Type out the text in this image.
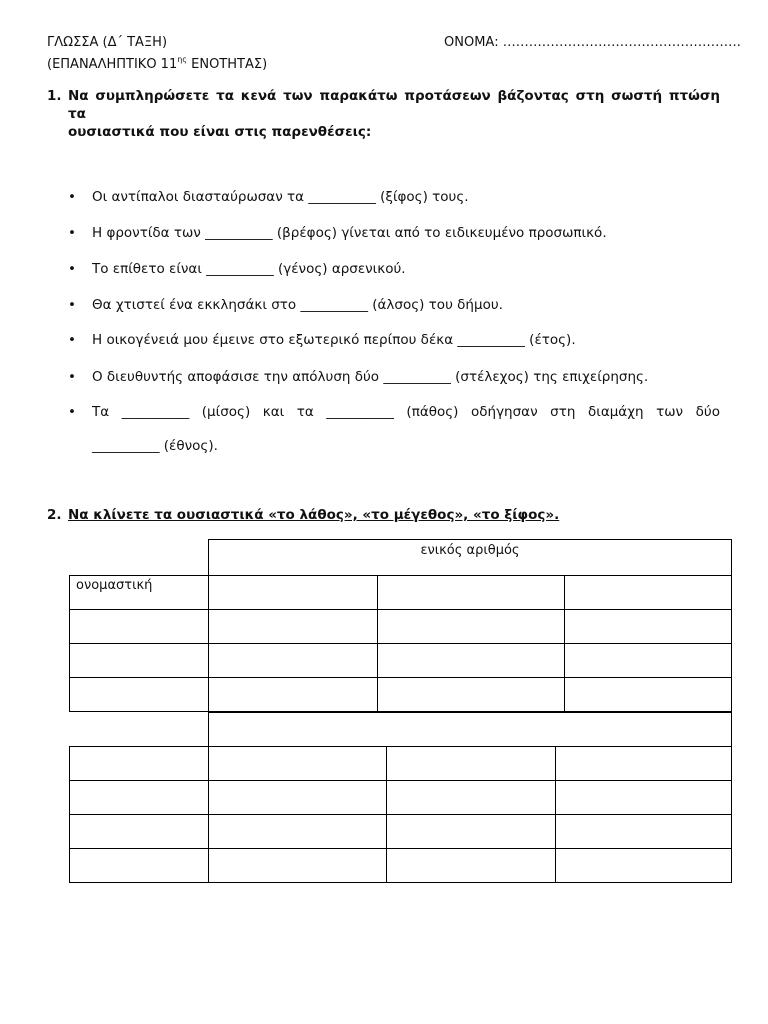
ΓΛΩΣΣΑ (Δ΄ ΤΑΞΗ)
(ΕΠΑΝΑΛΗΠΤΙΚΟ $11^{\eta\varsigma}$ ΕΝΟΤΗΤΑΣ)
ΟΝΟΜΑ: ……………………………………………….
1. Να συμπληρώσετε τα κενά των παρακάτω προτάσεων βάζοντας στη σωστή πτώση τα
ουσιαστικά που είναι στις παρενθέσεις:
• Οι αντίπαλοι διασταύρωσαν τα __________ (ξίφος) τους.
• Η φροντίδα των __________ (βρέφος) γίνεται από το ειδικευμένο προσωπικό.
• Το επίθετο είναι __________ (γένος) αρσενικού.
• Θα χτιστεί ένα εκκλησάκι στο __________ (άλσος) του δήμου.
• Η οικογένειά μου έμεινε στο εξωτερικό περίπου δέκα __________ (έτος).
• Ο διευθυντής αποφάσισε την απόλυση δύο __________ (στέλεχος) της επιχείρησης.
• Τα __________ (μίσος) και τα __________ (πάθος) οδήγησαν στη διαμάχη των δύο
__________ (έθνος).
2. Να κλίνετε τα ουσιαστικά «το λάθος», «το μέγεθος», «το ξίφος».
	ενικός αριθμός		
ονομαστική			
